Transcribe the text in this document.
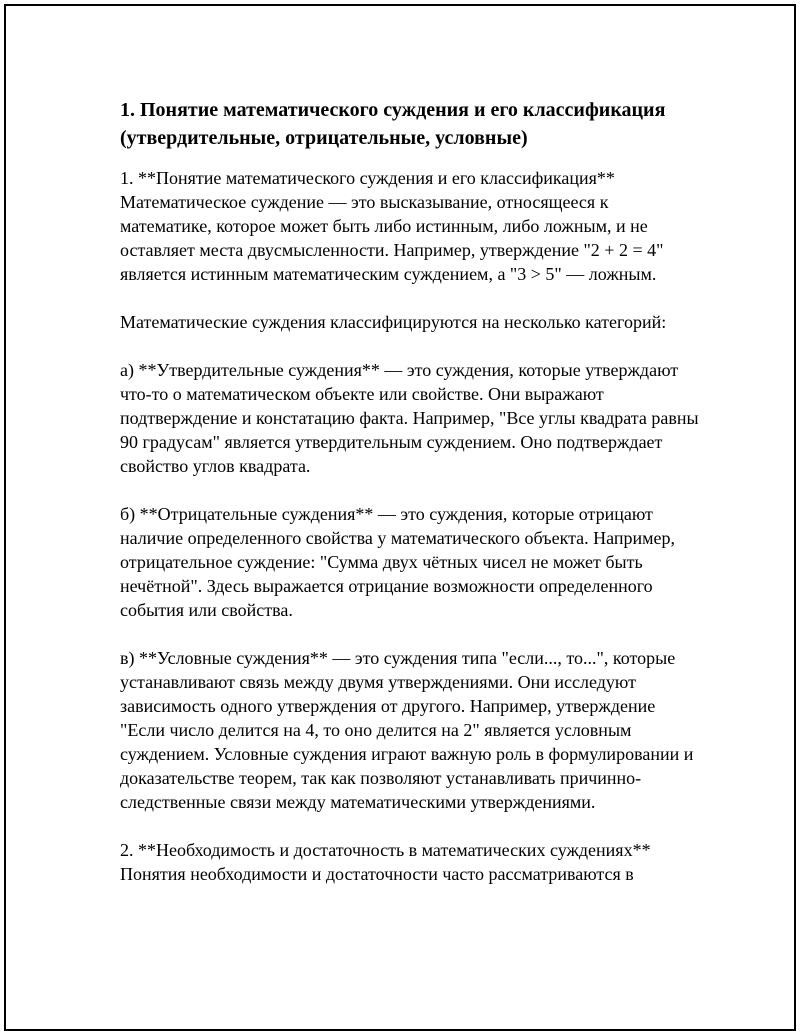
1. Понятие математического суждения и его классификация (утвердительные, отрицательные, условные)

1. **Понятие математического суждения и его классификация**
Математическое суждение — это высказывание, относящееся к математике, которое может быть либо истинным, либо ложным, и не оставляет места двусмысленности. Например, утверждение "2 + 2 = 4" является истинным математическим суждением, а "3 > 5" — ложным.

Математические суждения классифицируются на несколько категорий:

а) **Утвердительные суждения** — это суждения, которые утверждают что-то о математическом объекте или свойстве. Они выражают подтверждение и констатацию факта. Например, "Все углы квадрата равны 90 градусам" является утвердительным суждением. Оно подтверждает свойство углов квадрата.

б) **Отрицательные суждения** — это суждения, которые отрицают наличие определенного свойства у математического объекта. Например, отрицательное суждение: "Сумма двух чётных чисел не может быть нечётной". Здесь выражается отрицание возможности определенного события или свойства.

в) **Условные суждения** — это суждения типа "если..., то...", которые устанавливают связь между двумя утверждениями. Они исследуют зависимость одного утверждения от другого. Например, утверждение "Если число делится на 4, то оно делится на 2" является условным суждением. Условные суждения играют важную роль в формулировании и доказательстве теорем, так как позволяют устанавливать причинно-следственные связи между математическими утверждениями.

2. **Необходимость и достаточность в математических суждениях**
Понятия необходимости и достаточности часто рассматриваются в
